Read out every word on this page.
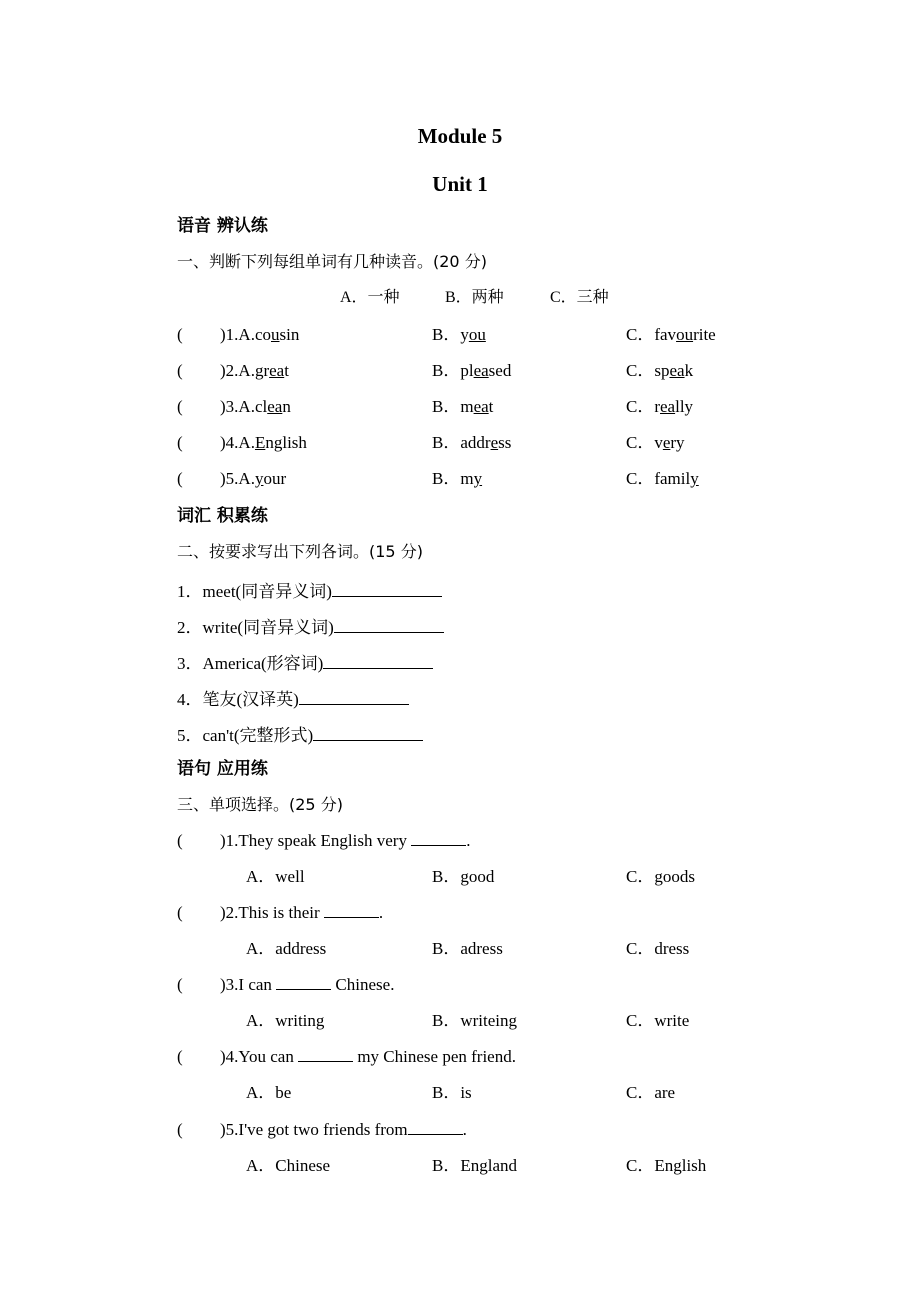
Module 5
Unit 1
语音 辨认练
一、判断下列每组单词有几种读音。(20 分)
A．一种	B．两种	C．三种
( )1.A.cousin	B．you	C．favourite
( )2.A.great	B．pleased	C．speak
( )3.A.clean	B．meat	C．really
( )4.A.English	B．address	C．very
( )5.A.your	B．my	C．family
词汇 积累练
二、按要求写出下列各词。(15 分)
1．meet(同音异义词)
2．write(同音异义词)
3．America(形容词)
4．笔友(汉译英)
5．can't(完整形式)
语句 应用练
三、单项选择。(25 分)
( )1.They speak English very	.
A．well	B．good	C．goods
( )2.This is their	.
A．address	B．adress	C．dress
( )3.I can	Chinese.
A．writing	B．writeing	C．write
( )4.You can	my Chinese pen friend.
A．be	B．is	C．are
( )5.I've got two friends from	.
A．Chinese	B．England	C．English
